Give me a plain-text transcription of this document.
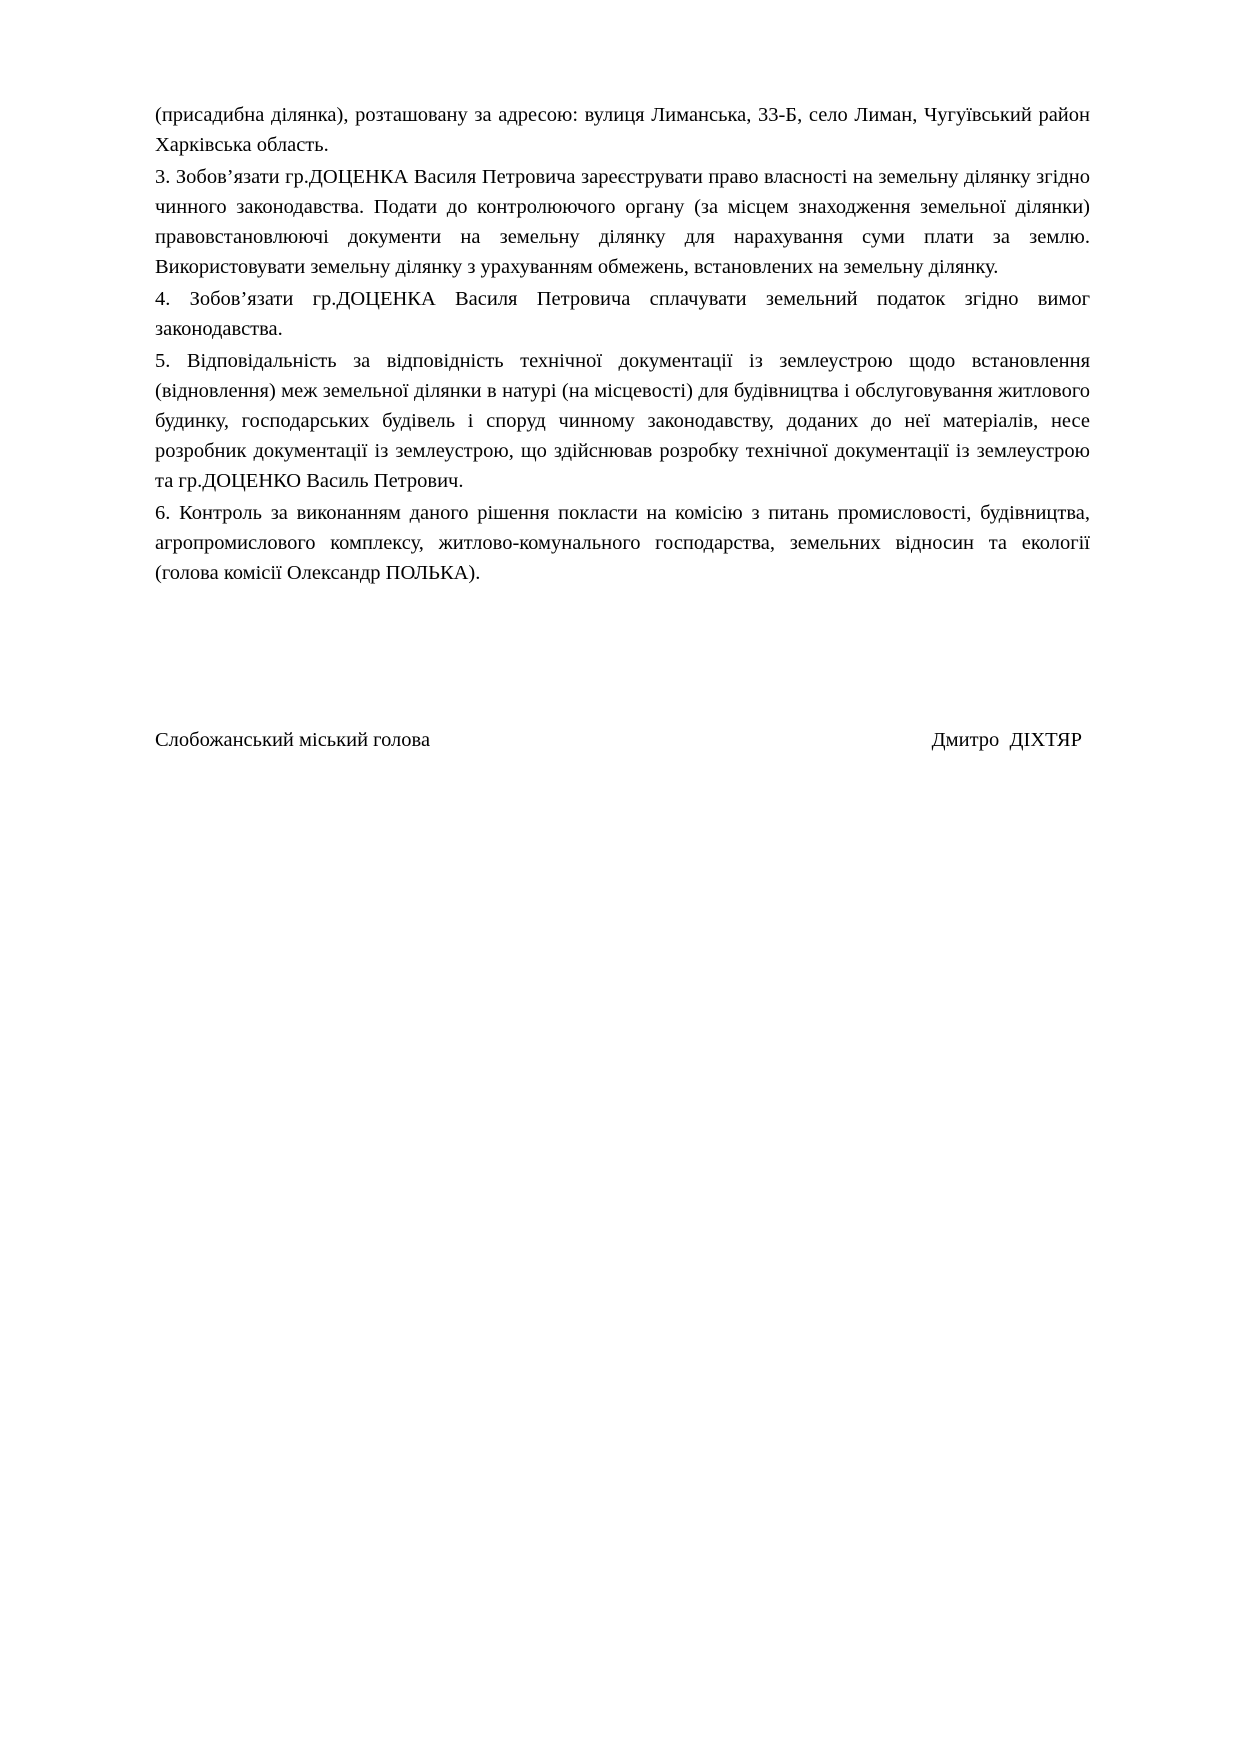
(присадибна ділянка), розташовану за адресою: вулиця Лиманська, 33-Б, село Лиман, Чугуївський район Харківська область.

3. Зобов’язати гр.ДОЦЕНКА Василя Петровича зареєструвати право власності на земельну ділянку згідно чинного законодавства. Подати до контролюючого органу (за місцем знаходження земельної ділянки) правовстановлюючі документи на земельну ділянку для нарахування суми плати за землю. Використовувати земельну ділянку з урахуванням обмежень, встановлених на земельну ділянку.

4. Зобов’язати гр.ДОЦЕНКА Василя Петровича сплачувати земельний податок згідно вимог законодавства.

5. Відповідальність за відповідність технічної документації із землеустрою щодо встановлення (відновлення) меж земельної ділянки в натурі (на місцевості) для будівництва і обслуговування житлового будинку, господарських будівель і споруд чинному законодавству, доданих до неї матеріалів, несе розробник документації із землеустрою, що здійснював розробку технічної документації із землеустрою та гр.ДОЦЕНКО Василь Петрович.

6. Контроль за виконанням даного рішення покласти на комісію з питань промисловості, будівництва, агропромислового комплексу, житлово-комунального господарства, земельних відносин та екології (голова комісії Олександр ПОЛЬКА).

Слобожанський міський голова	Дмитро  ДІХТЯР
